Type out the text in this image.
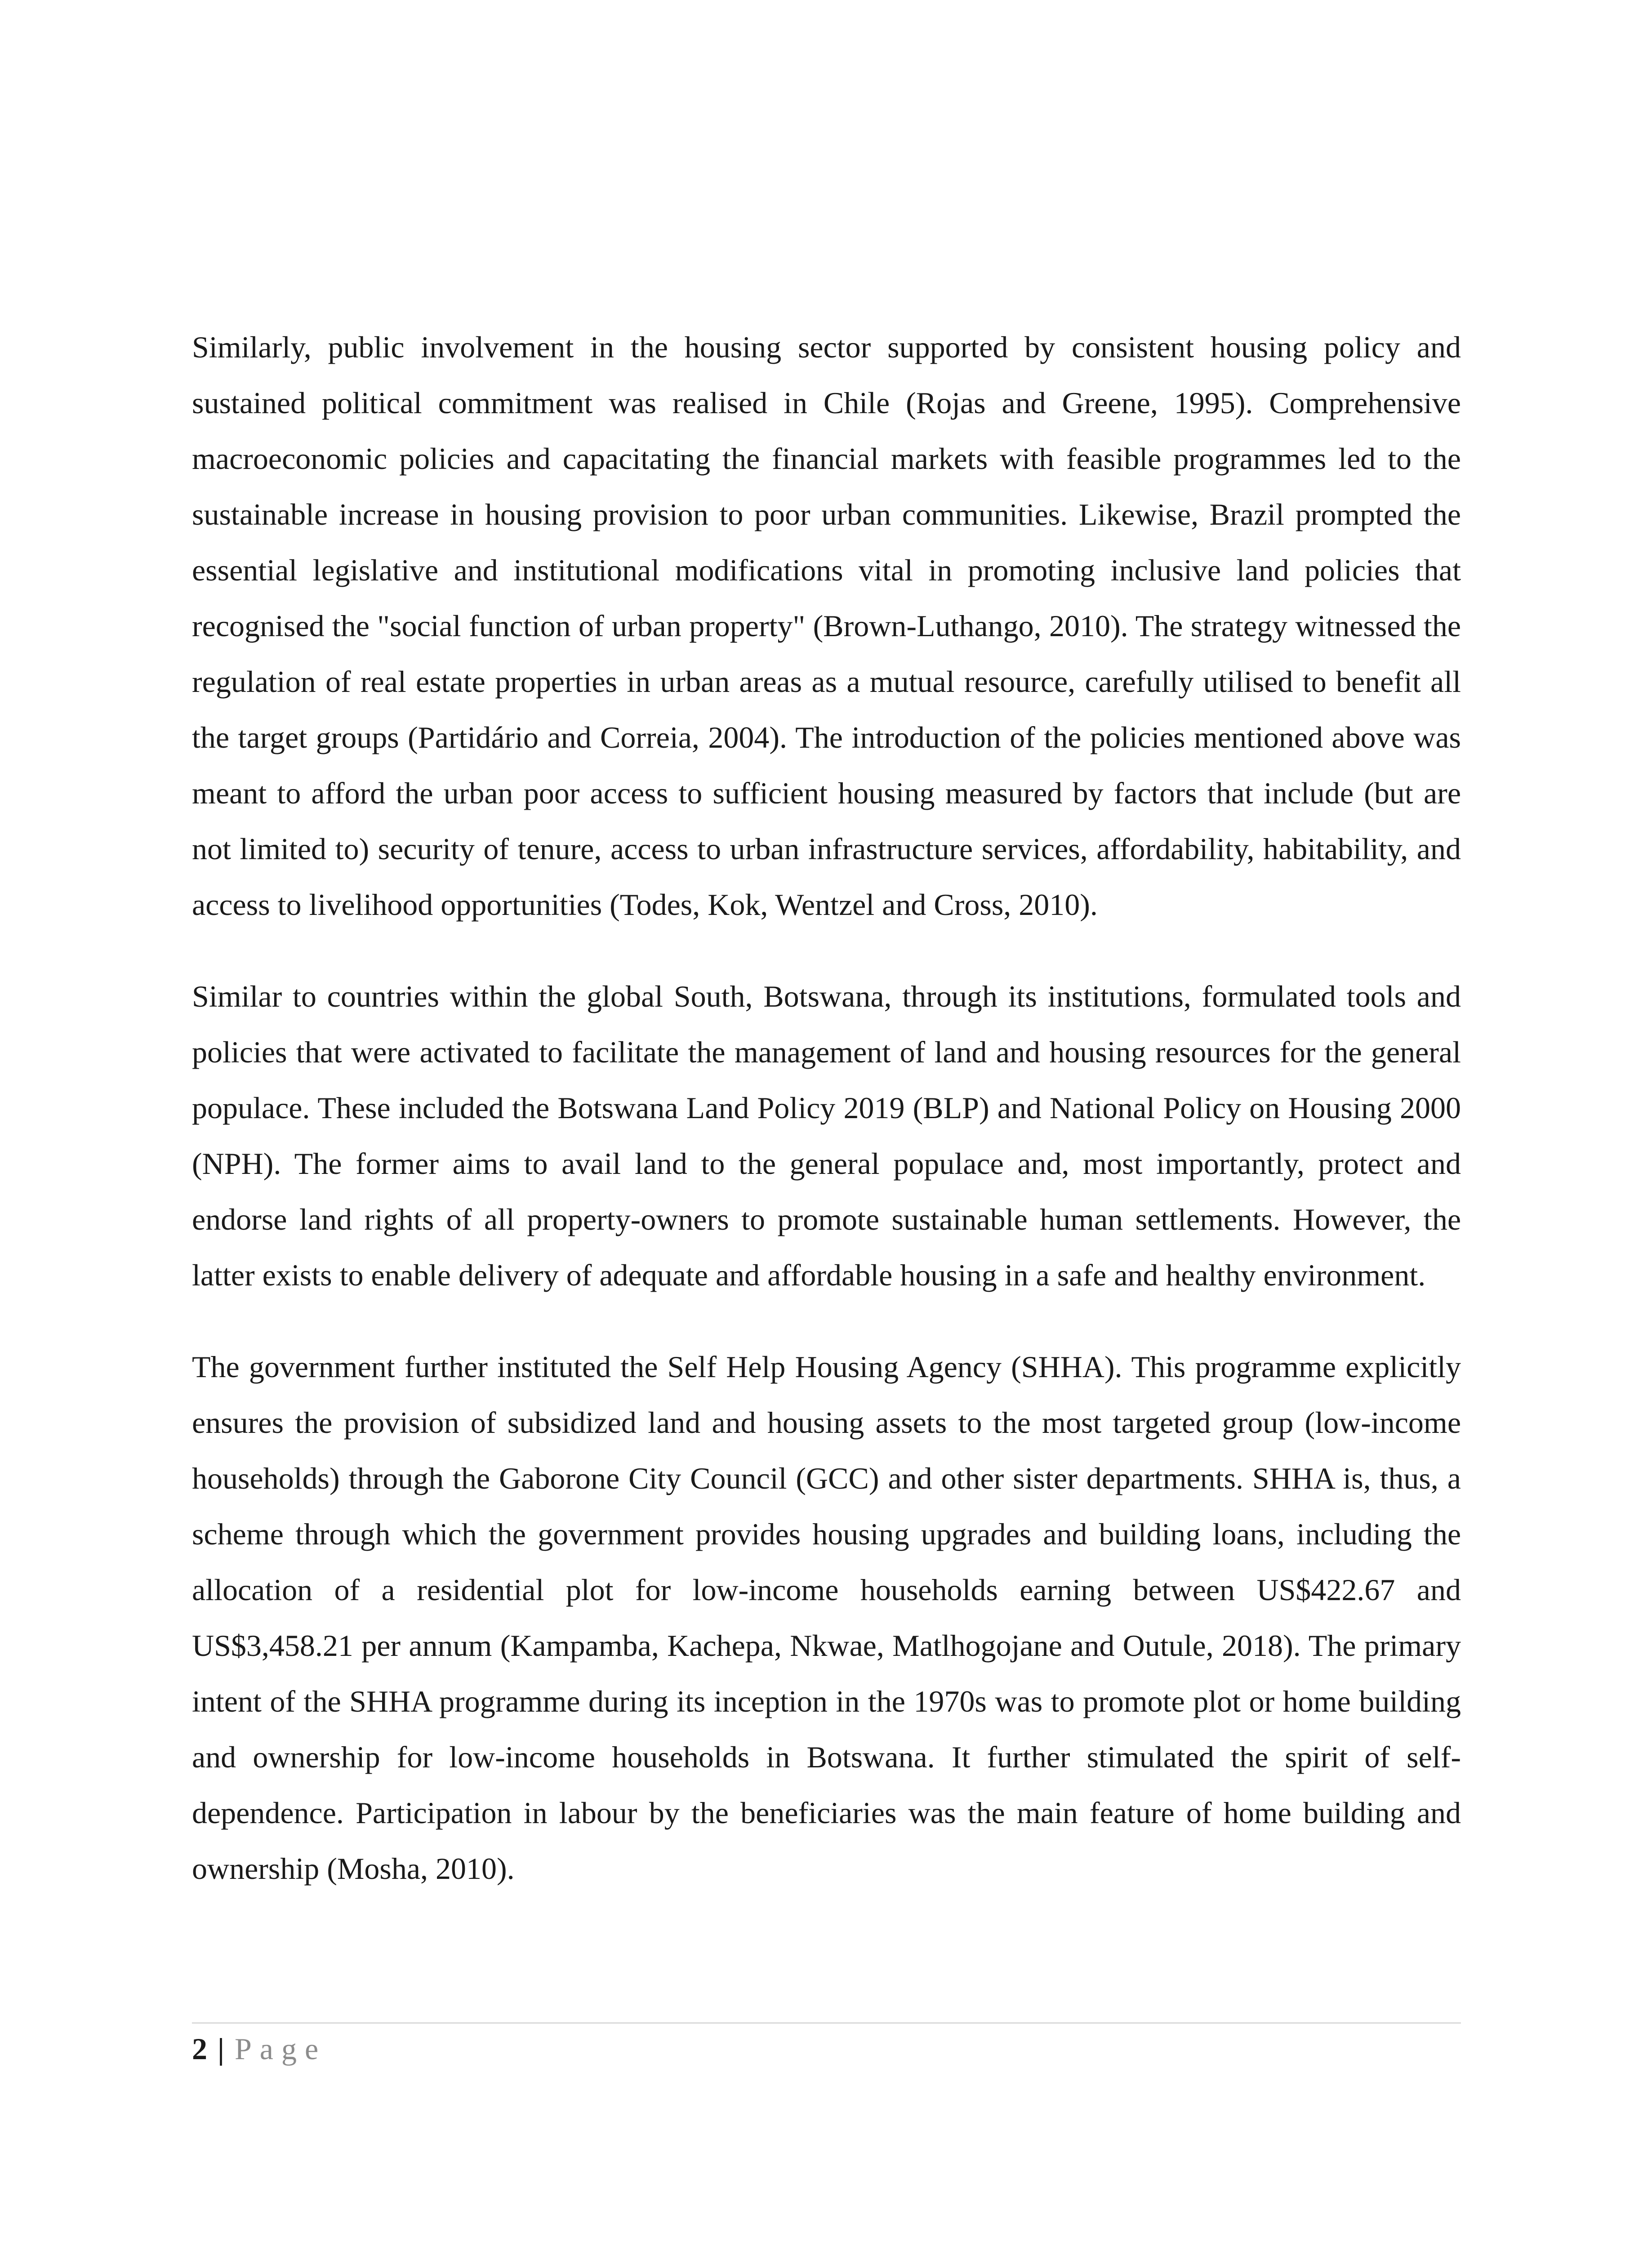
Similarly, public involvement in the housing sector supported by consistent housing policy and sustained political commitment was realised in Chile (Rojas and Greene, 1995). Comprehensive macroeconomic policies and capacitating the financial markets with feasible programmes led to the sustainable increase in housing provision to poor urban communities. Likewise, Brazil prompted the essential legislative and institutional modifications vital in promoting inclusive land policies that recognised the "social function of urban property" (Brown-Luthango, 2010). The strategy witnessed the regulation of real estate properties in urban areas as a mutual resource, carefully utilised to benefit all the target groups (Partidário and Correia, 2004). The introduction of the policies mentioned above was meant to afford the urban poor access to sufficient housing measured by factors that include (but are not limited to) security of tenure, access to urban infrastructure services, affordability, habitability, and access to livelihood opportunities (Todes, Kok, Wentzel and Cross, 2010).

Similar to countries within the global South, Botswana, through its institutions, formulated tools and policies that were activated to facilitate the management of land and housing resources for the general populace. These included the Botswana Land Policy 2019 (BLP) and National Policy on Housing 2000 (NPH). The former aims to avail land to the general populace and, most importantly, protect and endorse land rights of all property-owners to promote sustainable human settlements. However, the latter exists to enable delivery of adequate and affordable housing in a safe and healthy environment.

The government further instituted the Self Help Housing Agency (SHHA). This programme explicitly ensures the provision of subsidized land and housing assets to the most targeted group (low-income households) through the Gaborone City Council (GCC) and other sister departments. SHHA is, thus, a scheme through which the government provides housing upgrades and building loans, including the allocation of a residential plot for low-income households earning between US$422.67 and US$3,458.21 per annum (Kampamba, Kachepa, Nkwae, Matlhogojane and Outule, 2018). The primary intent of the SHHA programme during its inception in the 1970s was to promote plot or home building and ownership for low-income households in Botswana. It further stimulated the spirit of self-dependence. Participation in labour by the beneficiaries was the main feature of home building and ownership (Mosha, 2010).

2 | Page
